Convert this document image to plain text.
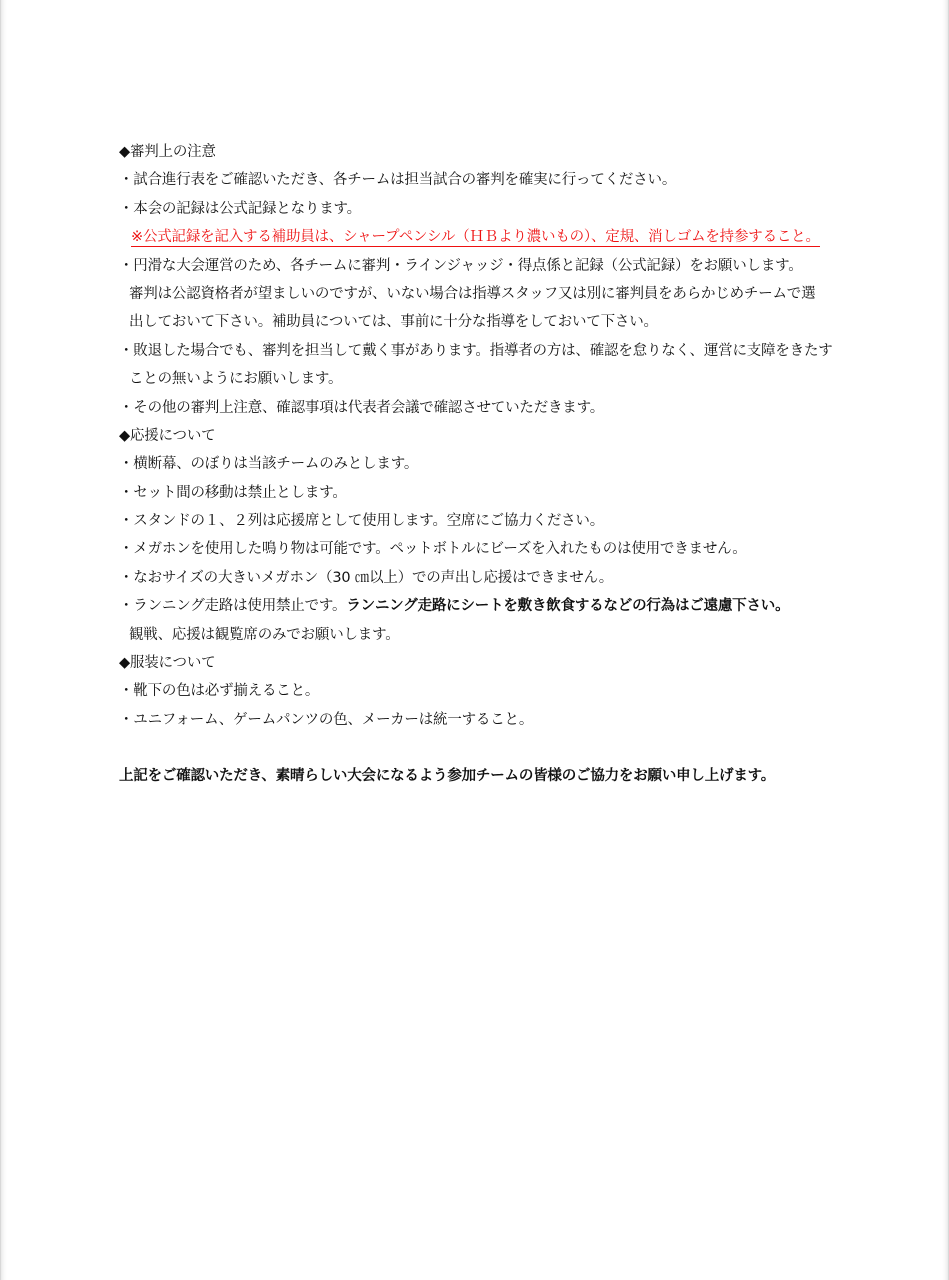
◆審判上の注意
・試合進行表をご確認いただき、各チームは担当試合の審判を確実に行ってください。
・本会の記録は公式記録となります。
※公式記録を記入する補助員は、シャープペンシル（ＨＢより濃いもの）、定規、消しゴムを持参すること。
・円滑な大会運営のため、各チームに審判・ラインジャッジ・得点係と記録（公式記録）をお願いします。
審判は公認資格者が望ましいのですが、いない場合は指導スタッフ又は別に審判員をあらかじめチームで選
出しておいて下さい。補助員については、事前に十分な指導をしておいて下さい。
・敗退した場合でも、審判を担当して戴く事があります。指導者の方は、確認を怠りなく、運営に支障をきたす
ことの無いようにお願いします。
・その他の審判上注意、確認事項は代表者会議で確認させていただきます。
◆応援について
・横断幕、のぼりは当該チームのみとします。
・セット間の移動は禁止とします。
・スタンドの１、２列は応援席として使用します。空席にご協力ください。
・メガホンを使用した鳴り物は可能です。ペットボトルにビーズを入れたものは使用できません。
・なおサイズの大きいメガホン（30 ㎝以上）での声出し応援はできません。
・ランニング走路は使用禁止です。ランニング走路にシートを敷き飲食するなどの行為はご遠慮下さい。
観戦、応援は観覧席のみでお願いします。
◆服装について
・靴下の色は必ず揃えること。
・ユニフォーム、ゲームパンツの色、メーカーは統一すること。
上記をご確認いただき、素晴らしい大会になるよう参加チームの皆様のご協力をお願い申し上げます。
